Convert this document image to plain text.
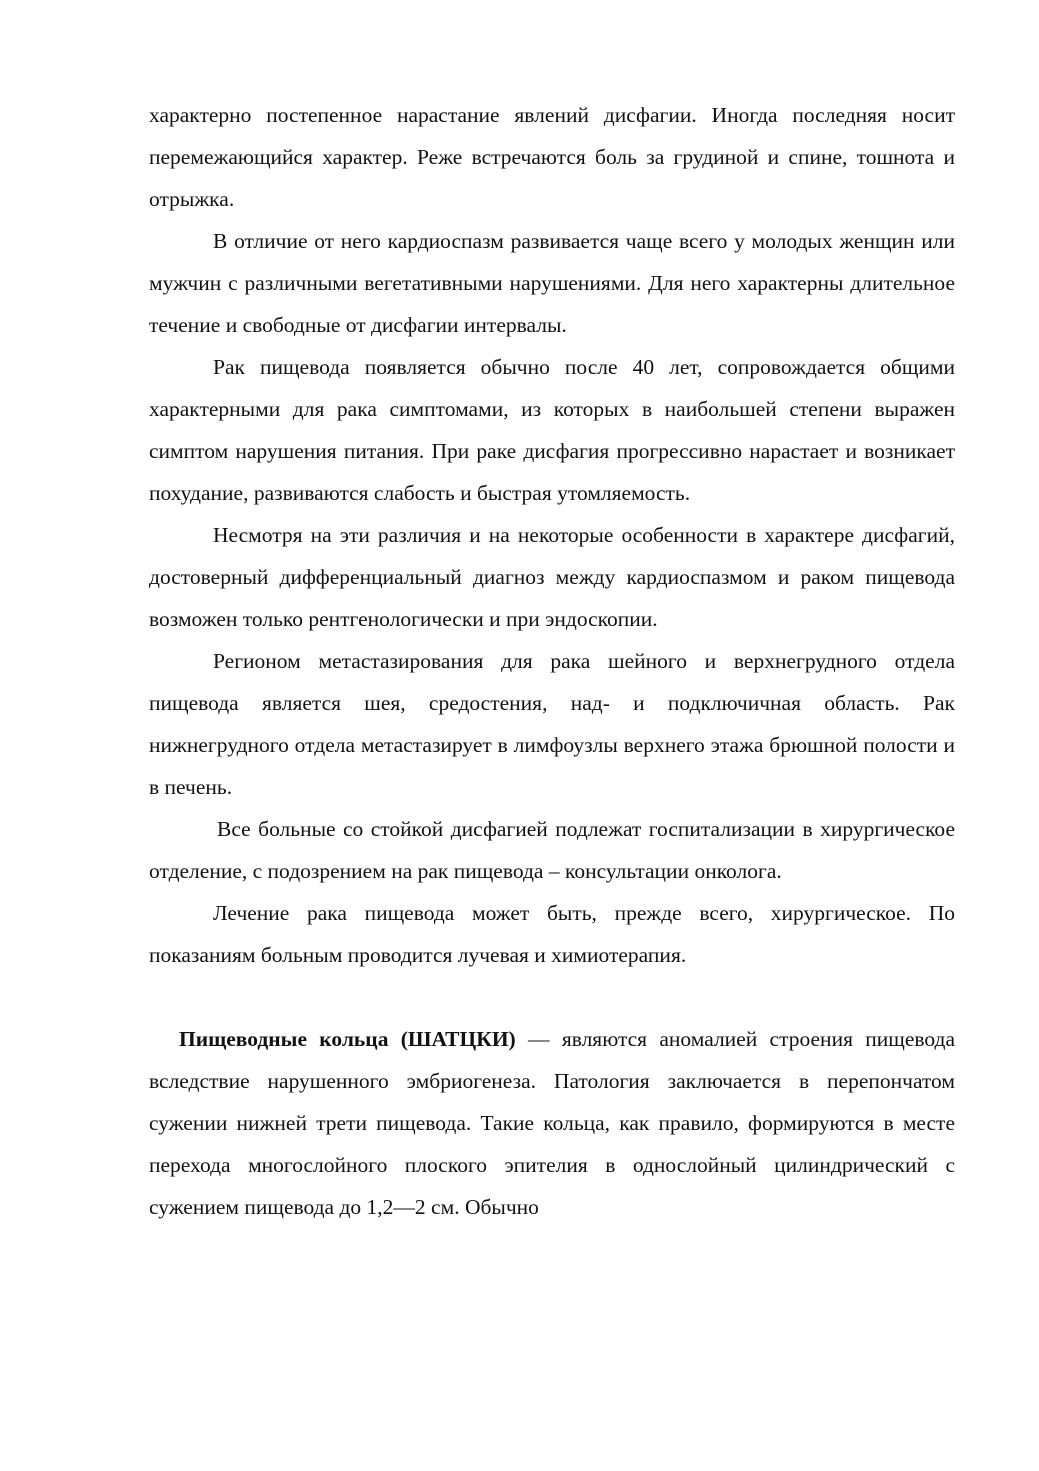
характерно постепенное нарастание явлений дисфагии. Иногда последняя носит перемежающийся характер. Реже встречаются боль за грудиной и спине, тошнота и отрыжка.

В отличие от него кардиоспазм развивается чаще всего у молодых женщин или мужчин с различными вегетативными нарушениями. Для него характерны длительное течение и свободные от дисфагии интервалы.

Рак пищевода появляется обычно после 40 лет, сопровождается общими характерными для рака симптомами, из которых в наибольшей степени выражен симптом нарушения питания. При раке дисфагия прогрессивно нарастает и возникает похудание, развиваются слабость и быстрая утомляемость.

Несмотря на эти различия и на некоторые особенности в характере дисфагий, достоверный дифференциальный диагноз между кардиоспазмом и раком пищевода возможен только рентгенологически и при эндоскопии.

Регионом метастазирования для рака шейного и верхнегрудного отдела пищевода является шея, средостения, над- и подключичная область. Рак нижнегрудного отдела метастазирует в лимфоузлы верхнего этажа брюшной полости и в печень.

Все больные со стойкой дисфагией подлежат госпитализации в хирургическое отделение, с подозрением на рак пищевода – консультации онколога.

Лечение рака пищевода может быть, прежде всего, хирургическое. По показаниям больным проводится лучевая и химиотерапия.

Пищеводные кольца (ШАТЦКИ) — являются аномалией строения пищевода вследствие нарушенного эмбриогенеза. Патология заключается в перепончатом сужении нижней трети пищевода. Такие кольца, как правило, формируются в месте перехода многослойного плоского эпителия в однослойный цилиндрический с сужением пищевода до 1,2—2 см. Обычно
